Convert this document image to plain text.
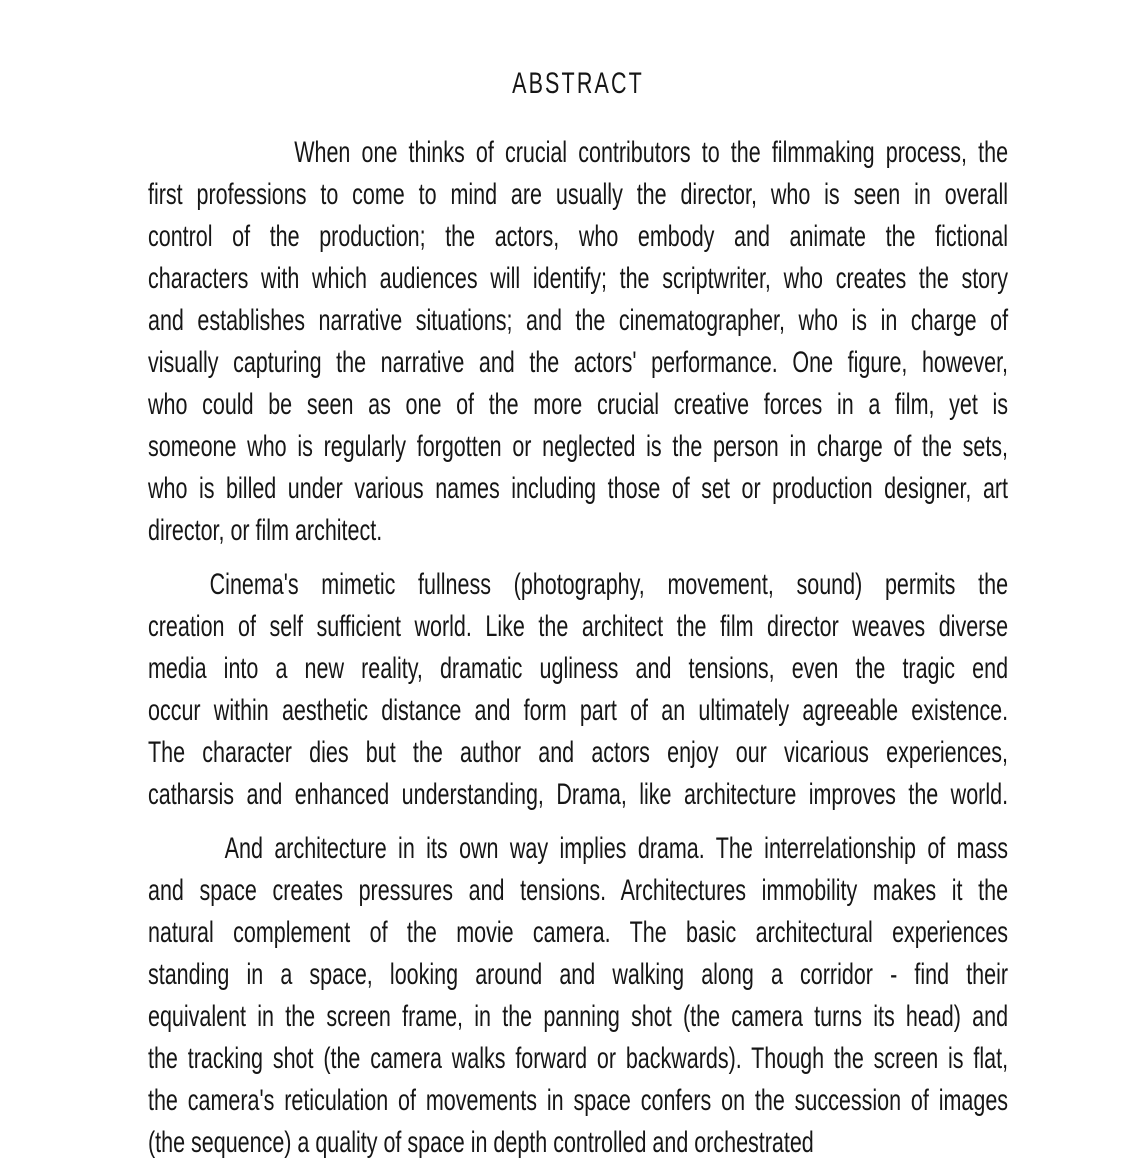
ABSTRACT
When one thinks of crucial contributors to the filmmaking process, the
first professions to come to mind are usually the director, who is seen in overall
control of the production; the actors, who embody and animate the fictional
characters with which audiences will identify; the scriptwriter, who creates the story
and establishes narrative situations; and the cinematographer, who is in charge of
visually capturing the narrative and the actors' performance. One figure, however,
who could be seen as one of the more crucial creative forces in a film, yet is
someone who is regularly forgotten or neglected is the person in charge of the sets,
who is billed under various names including those of set or production designer, art
director, or film architect.
Cinema's mimetic fullness (photography, movement, sound) permits the
creation of self sufficient world. Like the architect the film director weaves diverse
media into a new reality, dramatic ugliness and tensions, even the tragic end
occur within aesthetic distance and form part of an ultimately agreeable existence.
The character dies but the author and actors enjoy our vicarious experiences,
catharsis and enhanced understanding, Drama, like architecture improves the world.
And architecture in its own way implies drama. The interrelationship of mass
and space creates pressures and tensions. Architectures immobility makes it the
natural complement of the movie camera. The basic architectural experiences
standing in a space, looking around and walking along a corridor - find their
equivalent in the screen frame, in the panning shot (the camera turns its head) and
the tracking shot (the camera walks forward or backwards). Though the screen is flat,
the camera's reticulation of movements in space confers on the succession of images
(the sequence) a quality of space in depth controlled and orchestrated
